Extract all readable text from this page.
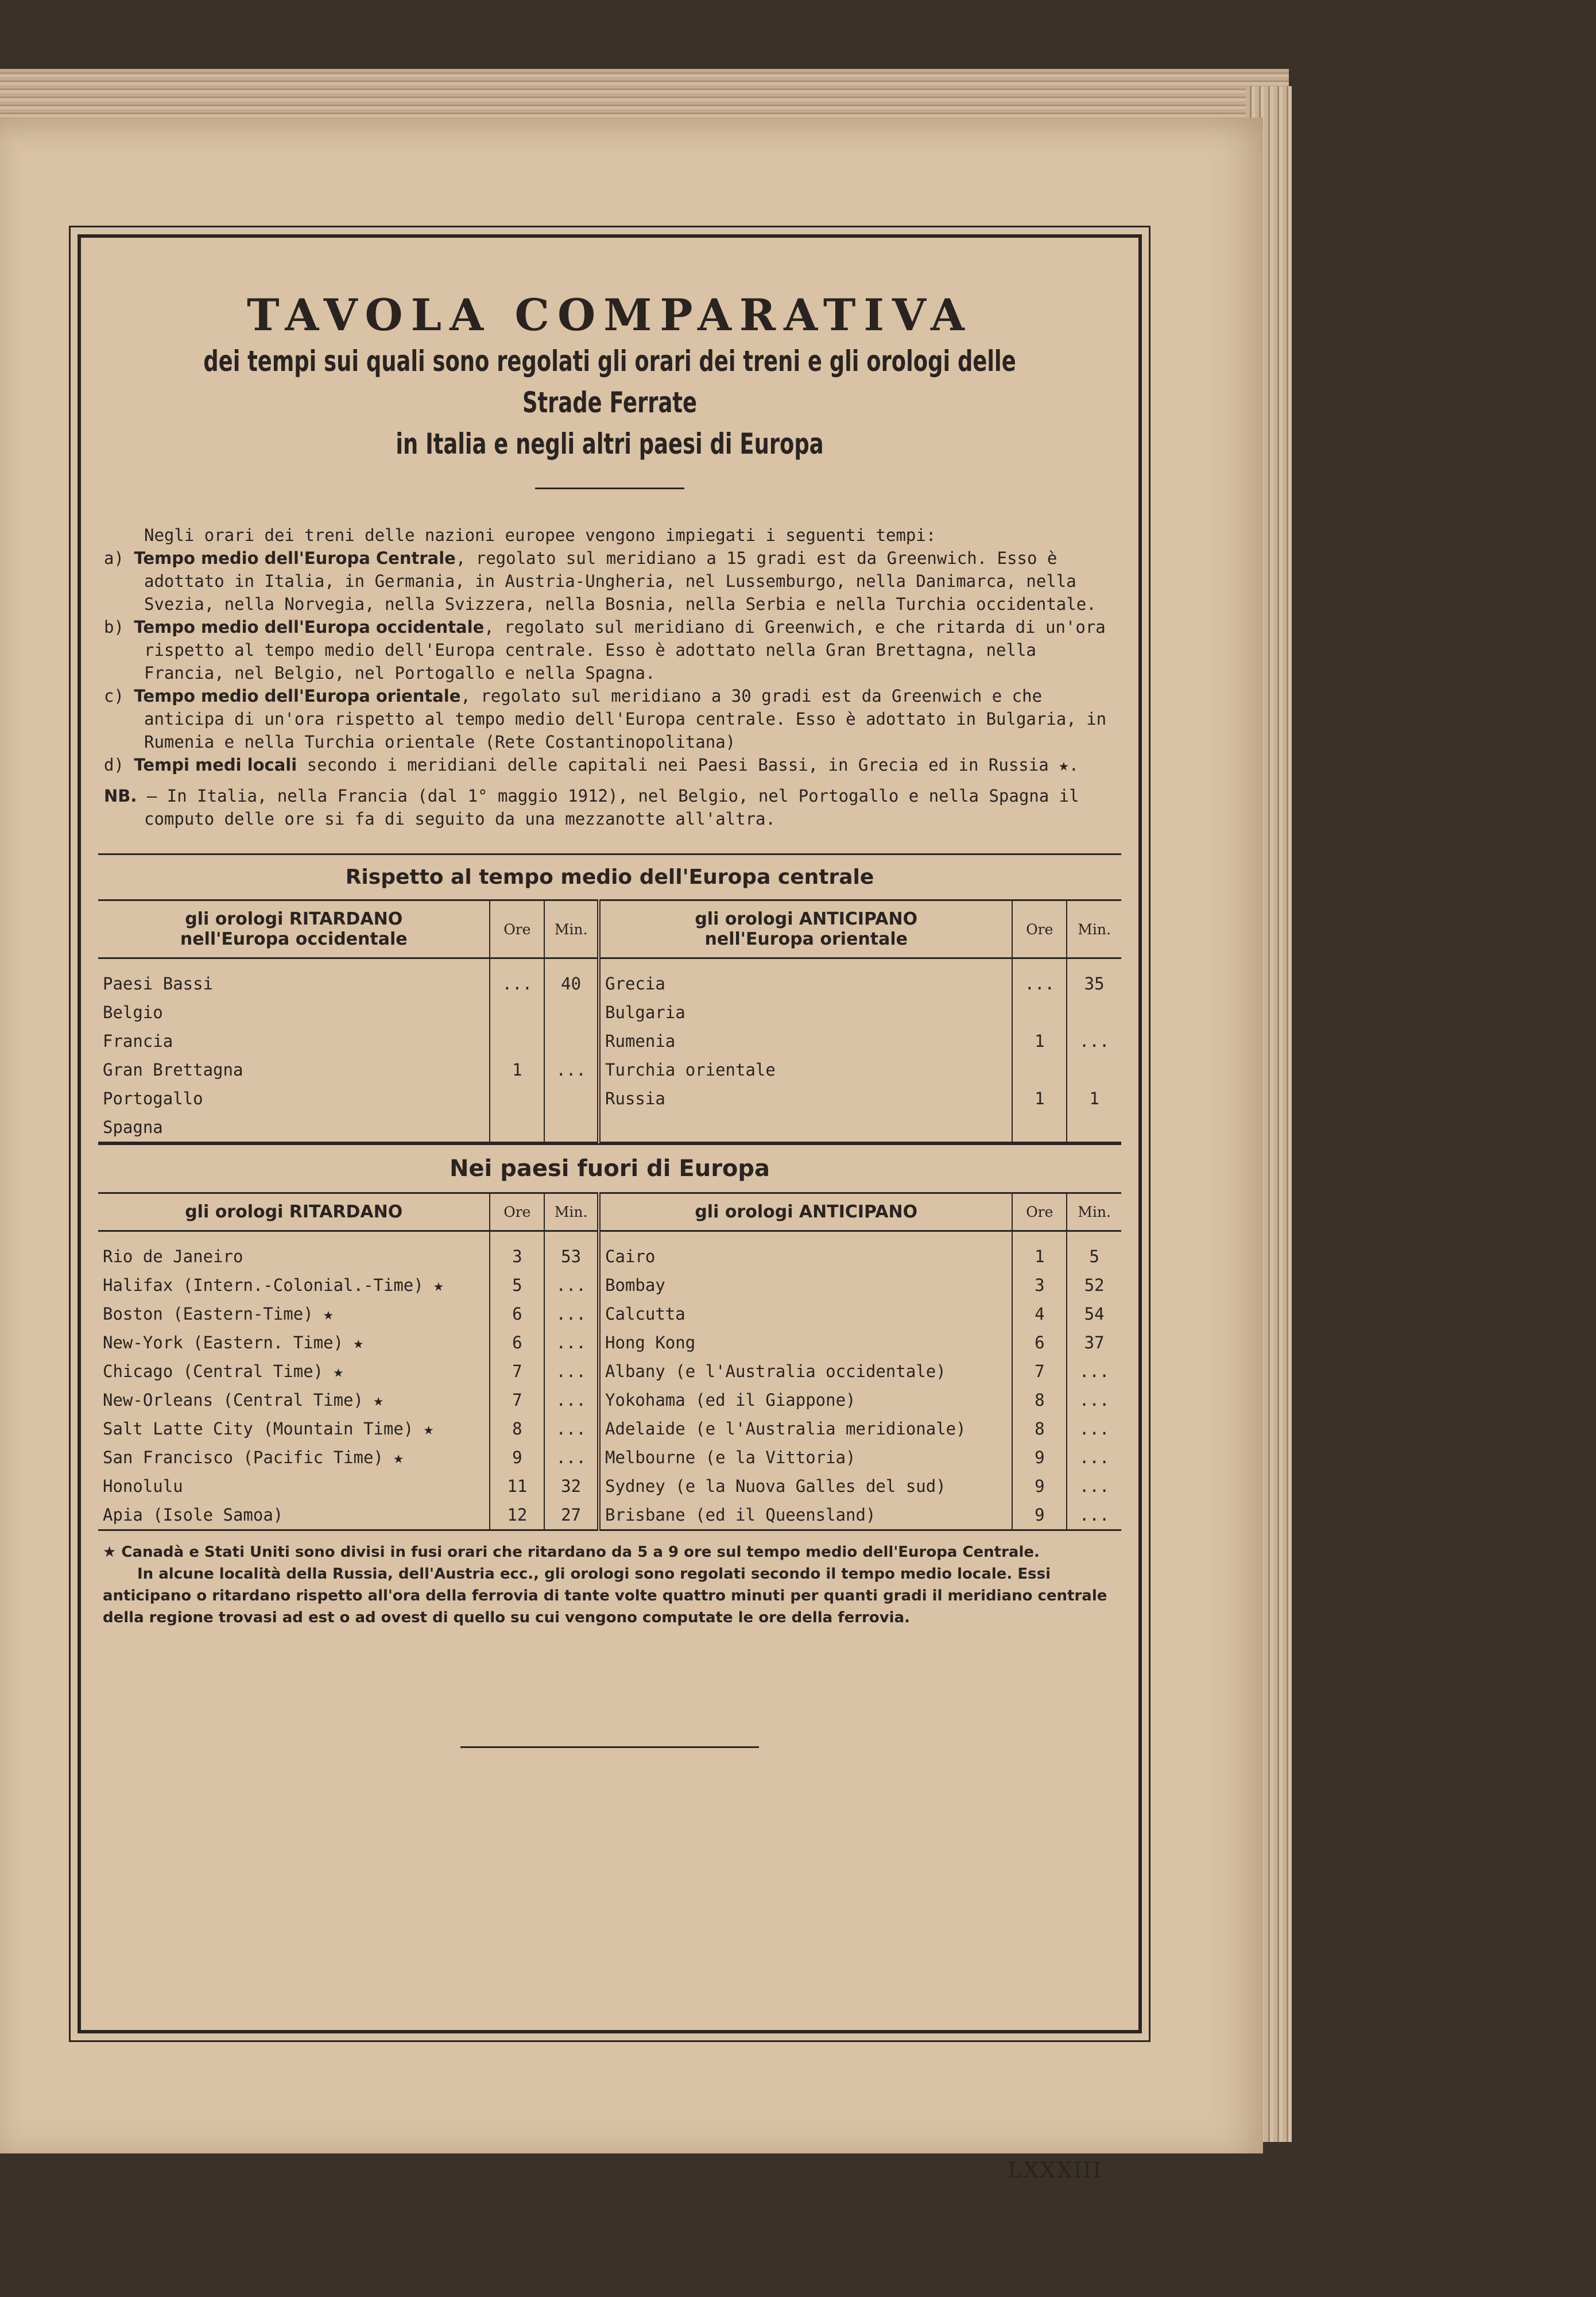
TAVOLA COMPARATIVA
dei tempi sui quali sono regolati gli orari dei treni e gli orologi delle Strade Ferrate
in Italia e negli altri paesi di Europa

Negli orari dei treni delle nazioni europee vengono impiegati i seguenti tempi:

a) Tempo medio dell'Europa Centrale, regolato sul meridiano a 15 gradi est da Greenwich. Esso è adottato in Italia, in Germania, in Austria-Ungheria, nel Lussemburgo, nella Danimarca, nella Svezia, nella Norvegia, nella Svizzera, nella Bosnia, nella Serbia e nella Turchia occidentale.

b) Tempo medio dell'Europa occidentale, regolato sul meridiano di Greenwich, e che ritarda di un'ora rispetto al tempo medio dell'Europa centrale. Esso è adottato nella Gran Brettagna, nella Francia, nel Belgio, nel Portogallo e nella Spagna.

c) Tempo medio dell'Europa orientale, regolato sul meridiano a 30 gradi est da Greenwich e che anticipa di un'ora rispetto al tempo medio dell'Europa centrale. Esso è adottato in Bulgaria, in Rumenia e nella Turchia orientale (Rete Costantinopolitana)

d) Tempi medi locali secondo i meridiani delle capitali nei Paesi Bassi, in Grecia ed in Russia ★.

NB. — In Italia, nella Francia (dal 1° maggio 1912), nel Belgio, nel Portogallo e nella Spagna il computo delle ore si fa di seguito da una mezzanotte all'altra.

Rispetto al tempo medio dell'Europa centrale
gli orologi RITARDANO
nell'Europa occidentale	Ore	Min.	gli orologi ANTICIPANO
nell'Europa orientale	Ore	Min.

Paesi Bassi	...	40	Grecia	...	35
Belgio			Bulgaria		
Francia			Rumenia	1	...
Gran Brettagna	1	...	Turchia orientale		
Portogallo			Russia	1	1
Spagna					
Nei paesi fuori di Europa
gli orologi RITARDANO	Ore	Min.	gli orologi ANTICIPANO	Ore	Min.

Rio de Janeiro	3	53	Cairo	1	5
Halifax (Intern.-Colonial.-Time) ★	5	...	Bombay	3	52
Boston (Eastern-Time) ★	6	...	Calcutta	4	54
New-York (Eastern. Time) ★	6	...	Hong Kong	6	37
Chicago (Central Time) ★	7	...	Albany (e l'Australia occidentale)	7	...
New-Orleans (Central Time) ★	7	...	Yokohama (ed il Giappone)	8	...
Salt Latte City (Mountain Time) ★	8	...	Adelaide (e l'Australia meridionale)	8	...
San Francisco (Pacific Time) ★	9	...	Melbourne (e la Vittoria)	9	...
Honolulu	11	32	Sydney (e la Nuova Galles del sud)	9	...
Apia (Isole Samoa)	12	27	Brisbane (ed il Queensland)	9	...

★ Canadà e Stati Uniti sono divisi in fusi orari che ritardano da 5 a 9 ore sul tempo medio dell'Europa Centrale.

In alcune località della Russia, dell'Austria ecc., gli orologi sono regolati secondo il tempo medio locale. Essi anticipano o ritardano rispetto all'ora della ferrovia di tante volte quattro minuti per quanti gradi il meridiano centrale della regione trovasi ad est o ad ovest di quello su cui vengono computate le ore della ferrovia.

LXXXIII
